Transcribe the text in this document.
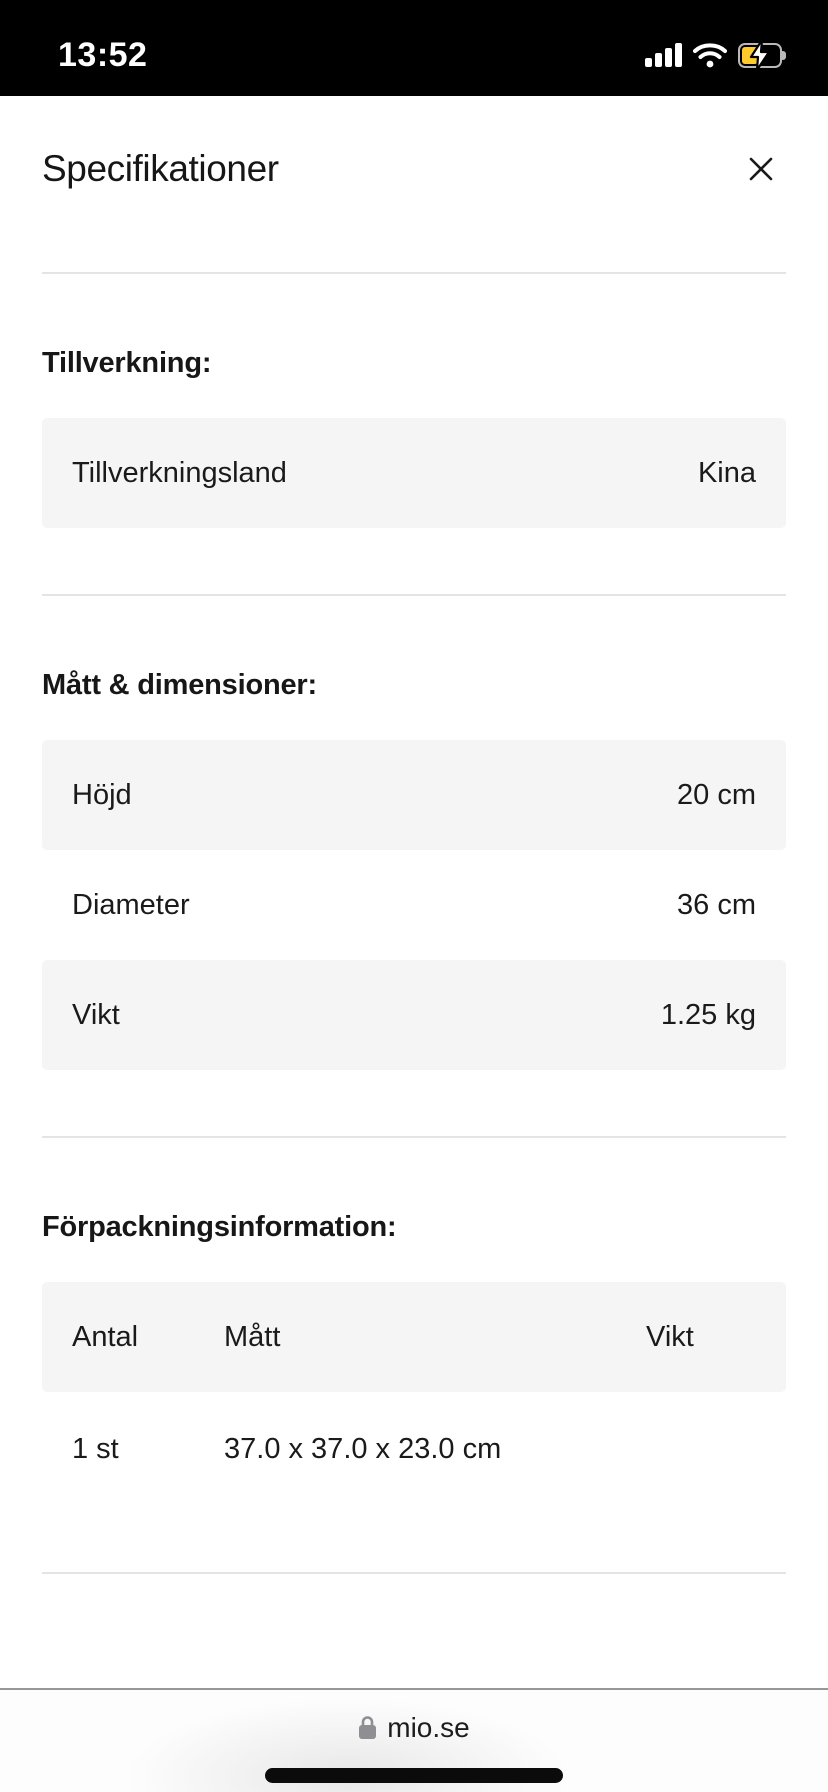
13:52
Specifikationer
Tillverkning:
Tillverkningsland	Kina
Mått & dimensioner:
Höjd	20 cm
Diameter	36 cm
Vikt	1.25 kg
Förpackningsinformation:
Antal	Mått	Vikt
1 st	37.0 x 37.0 x 23.0 cm
mio.se
